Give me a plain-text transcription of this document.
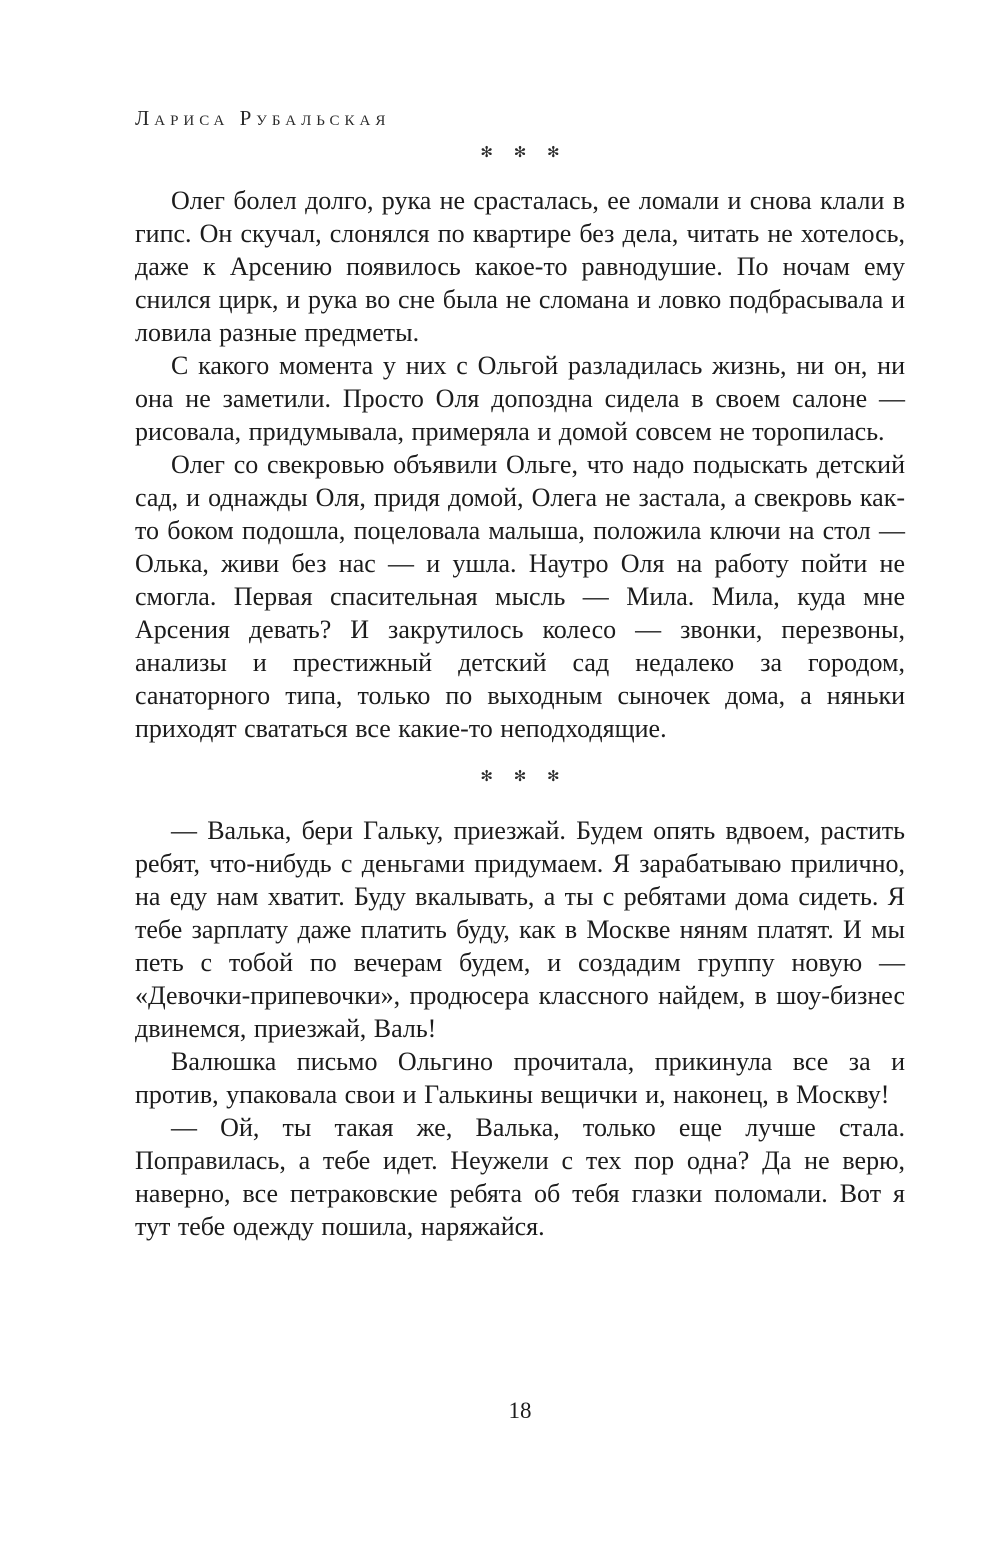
Лариса Рубальская
✻ ✻ ✻

Олег болел долго, рука не срасталась, ее ломали и снова клали в гипс. Он скучал, слонялся по квартире без дела, читать не хотелось, даже к Арсению появилось какое-то равнодушие. По ночам ему снился цирк, и рука во сне была не сломана и ловко подбрасывала и ловила разные предметы.

С какого момента у них с Ольгой разладилась жизнь, ни он, ни она не заметили. Просто Оля допоздна сидела в своем салоне — рисовала, придумывала, примеряла и домой совсем не торопилась.

Олег со свекровью объявили Ольге, что надо подыскать детский сад, и однажды Оля, придя домой, Олега не застала, а свекровь как-то боком подошла, поцеловала малыша, положила ключи на стол — Олька, живи без нас — и ушла. Наутро Оля на работу пойти не смогла. Первая спасительная мысль — Мила. Мила, куда мне Арсения девать? И закрутилось колесо — звонки, перезвоны, анализы и престижный детский сад недалеко за городом, санаторного типа, только по выходным сыночек дома, а няньки приходят свататься все какие-то неподходящие.

✻ ✻ ✻

— Валька, бери Гальку, приезжай. Будем опять вдвоем, растить ребят, что-нибудь с деньгами придумаем. Я зарабатываю прилично, на еду нам хватит. Буду вкалывать, а ты с ребятами дома сидеть. Я тебе зарплату даже платить буду, как в Москве няням платят. И мы петь с тобой по вечерам будем, и создадим группу новую — «Девочки-припевочки», продюсера классного найдем, в шоу-бизнес двинемся, приезжай, Валь!

Валюшка письмо Ольгино прочитала, прикинула все за и против, упаковала свои и Галькины вещички и, наконец, в Москву!

— Ой, ты такая же, Валька, только еще лучше стала. Поправилась, а тебе идет. Неужели с тех пор одна? Да не верю, наверно, все петраковские ребята об тебя глазки поломали. Вот я тут тебе одежду пошила, наряжайся.

18
